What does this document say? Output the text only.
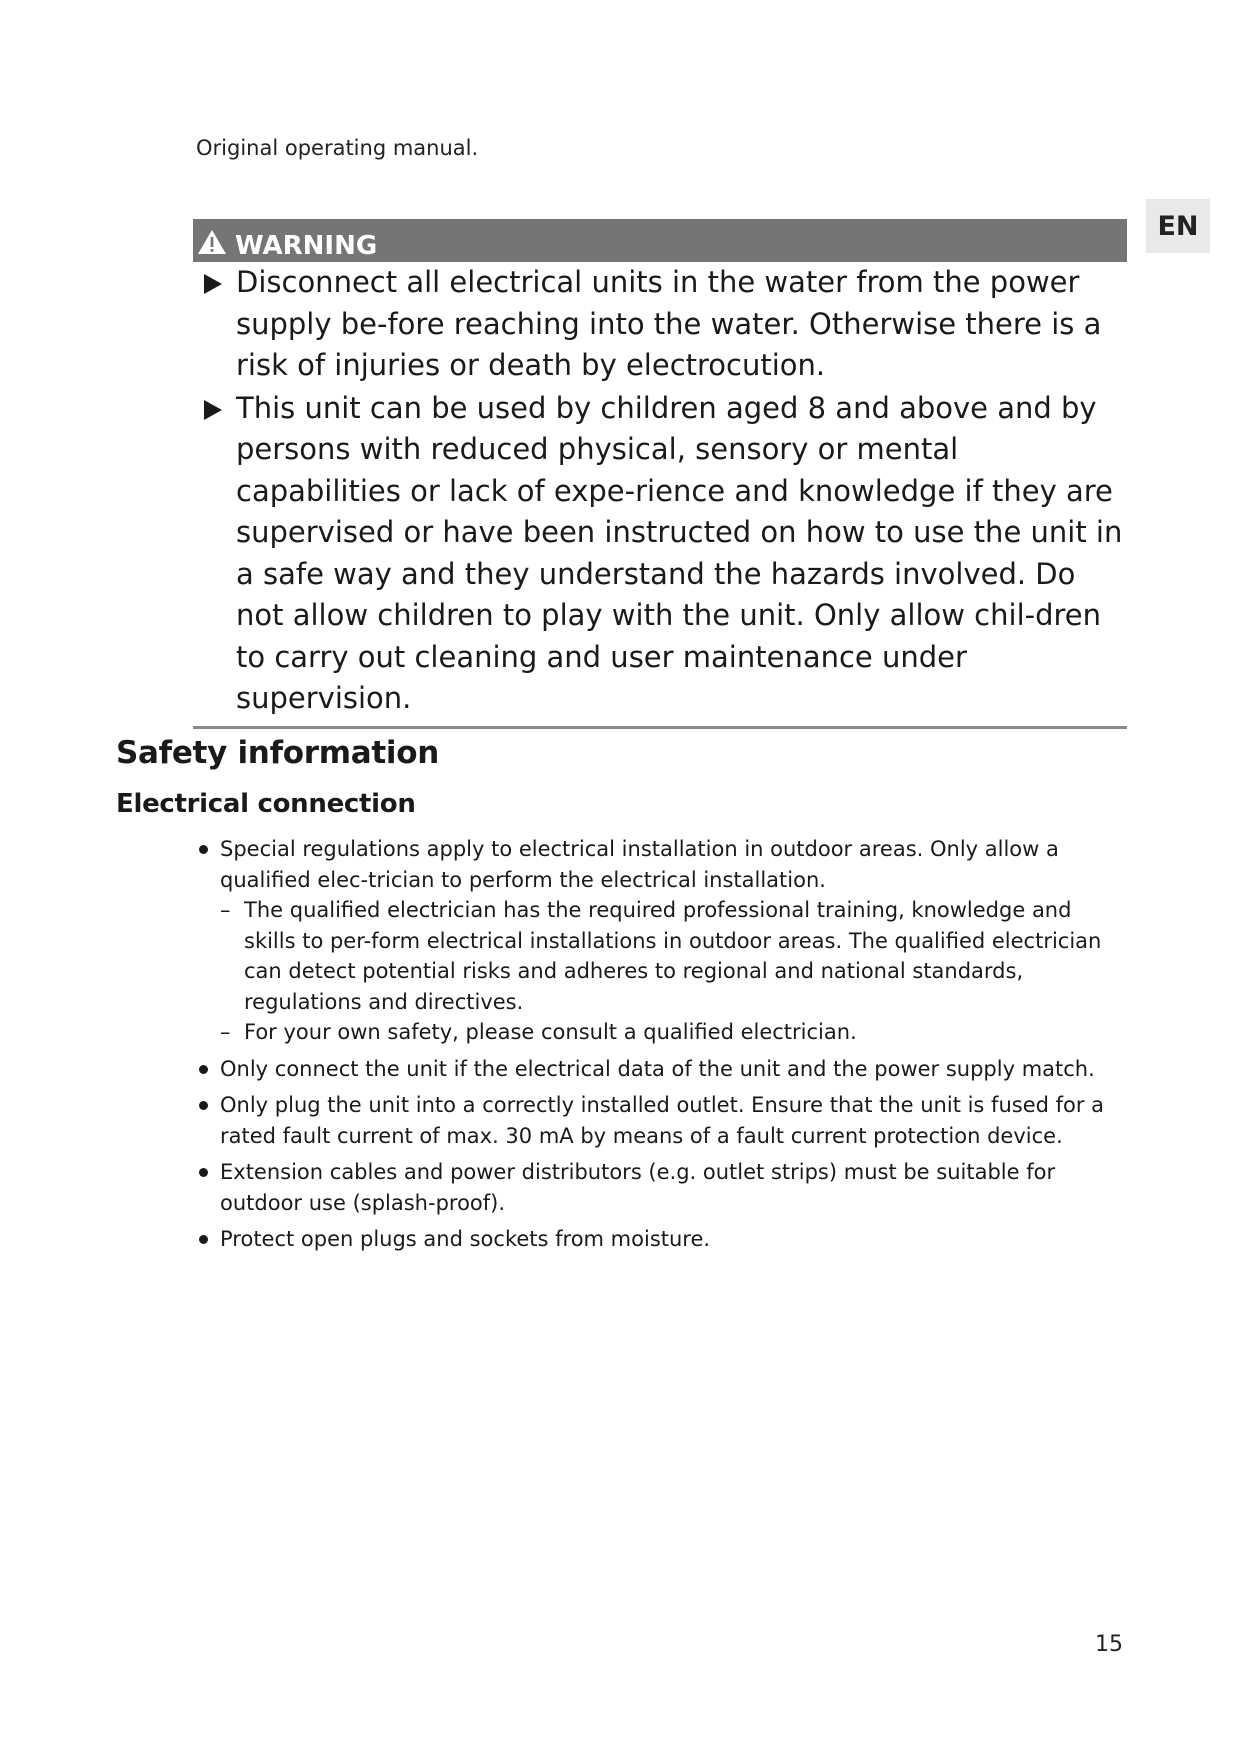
Original operating manual.
EN
WARNING
Disconnect all electrical units in the water from the power supply be-fore reaching into the water. Otherwise there is a risk of injuries or death by electrocution.
This unit can be used by children aged 8 and above and by persons with reduced physical, sensory or mental capabilities or lack of expe-rience and knowledge if they are supervised or have been instructed on how to use the unit in a safe way and they understand the hazards involved. Do not allow children to play with the unit. Only allow chil-dren to carry out cleaning and user maintenance under supervision.
Safety information
Electrical connection
Special regulations apply to electrical installation in outdoor areas. Only allow a qualified elec-trician to perform the electrical installation.
– The qualified electrician has the required professional training, knowledge and skills to per-form electrical installations in outdoor areas. The qualified electrician can detect potential risks and adheres to regional and national standards, regulations and directives.
– For your own safety, please consult a qualified electrician.
Only connect the unit if the electrical data of the unit and the power supply match.
Only plug the unit into a correctly installed outlet. Ensure that the unit is fused for a rated fault current of max. 30 mA by means of a fault current protection device.
Extension cables and power distributors (e.g. outlet strips) must be suitable for outdoor use (splash-proof).
Protect open plugs and sockets from moisture.
15
